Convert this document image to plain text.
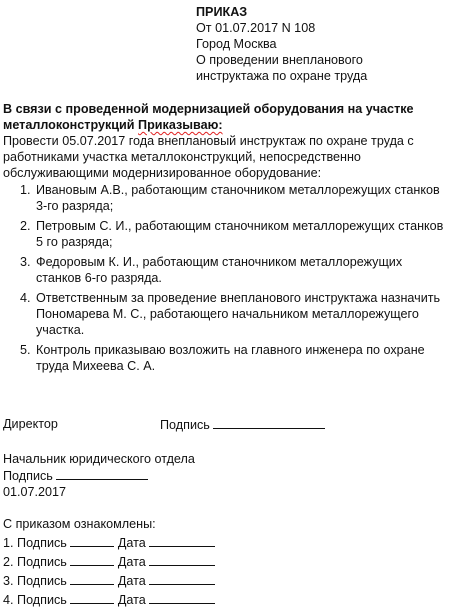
ПРИКАЗ
От 01.07.2017 N 108
Город Москва
О проведении внепланового
инструктажа по охране труда
В связи с проведенной модернизацией оборудования на участке металлоконструкций Приказываю:
Провести 05.07.2017 года внеплановый инструктаж по охране труда с работниками участка металлоконструкций, непосредственно обслуживающими модернизированное оборудование:
1. Ивановым А.В., работающим станочником металлорежущих станков 3-го разряда;
2. Петровым С. И., работающим станочником металлорежущих станков 5 го разряда;
3. Федоровым К. И., работающим станочником металлорежущих станков 6-го разряда.
4. Ответственным за проведение внепланового инструктажа назначить Пономарева М. С., работающего начальником металлорежущего участка.
5. Контроль приказываю возложить на главного инженера по охране труда Михеева С. А.
Директор	Подпись
Начальник юридического отдела
Подпись
01.07.2017
С приказом ознакомлены:
1. Подпись	Дата
2. Подпись	Дата
3. Подпись	Дата
4. Подпись	Дата
